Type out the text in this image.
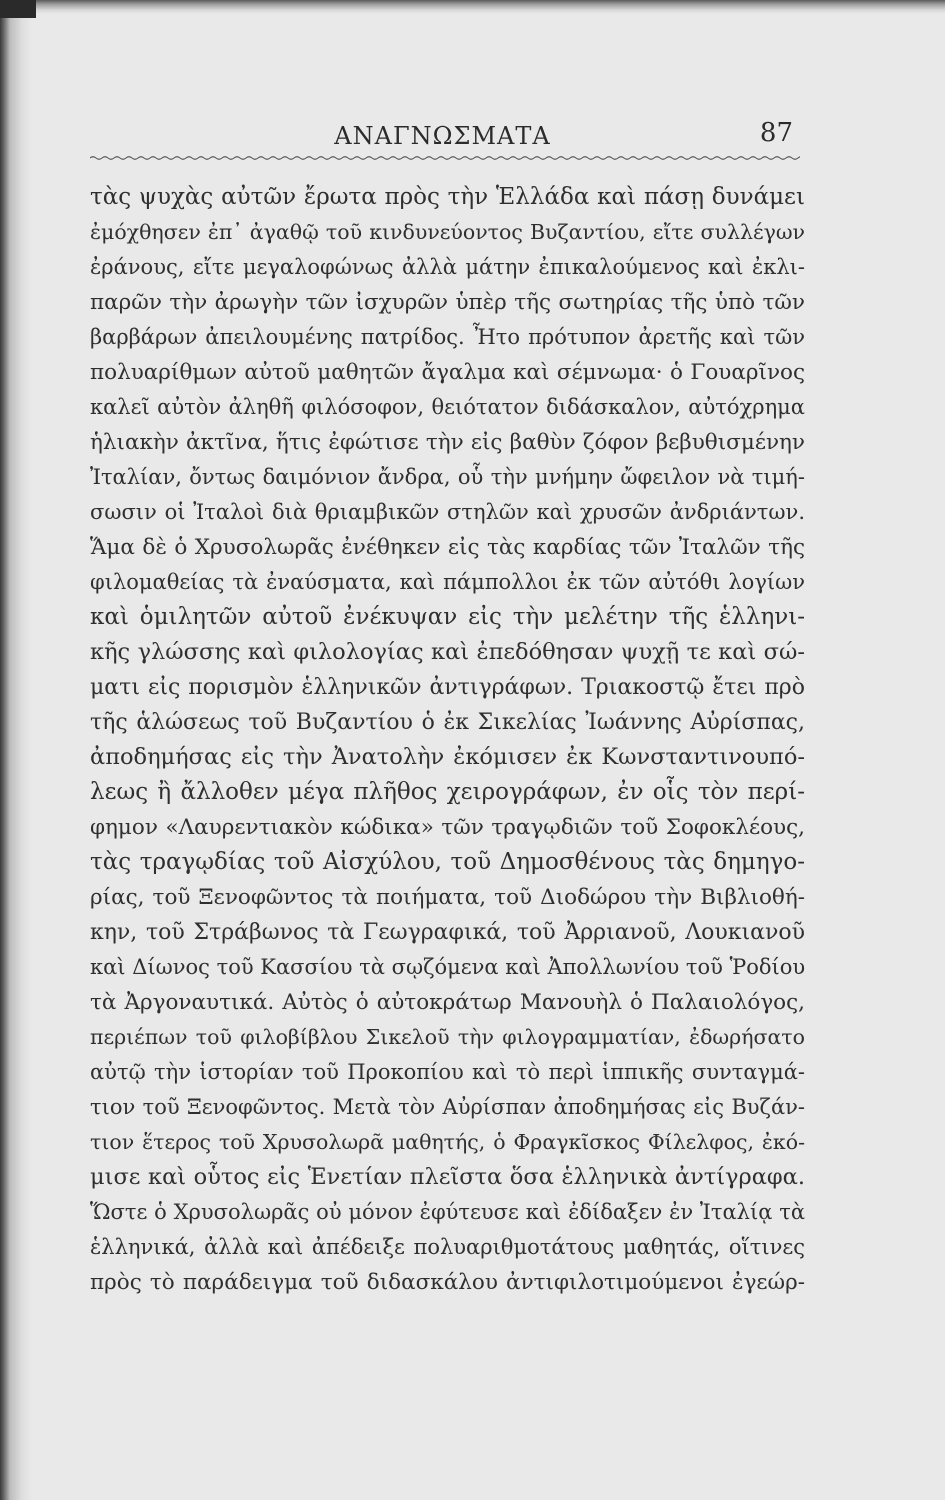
ΑΝΑΓΝΩΣΜΑΤΑ	87
τὰς ψυχὰς αὐτῶν ἔρωτα πρὸς τὴν Ἑλλάδα καὶ πάσῃ δυνάμει
ἐμόχθησεν ἐπ᾽ ἀγαθῷ τοῦ κινδυνεύοντος Βυζαντίου, εἴτε συλλέγων
ἐράνους, εἴτε μεγαλοφώνως ἀλλὰ μάτην ἐπικαλούμενος καὶ ἐκλι-
παρῶν τὴν ἀρωγὴν τῶν ἰσχυρῶν ὑπὲρ τῆς σωτηρίας τῆς ὑπὸ τῶν
βαρβάρων ἀπειλουμένης πατρίδος. Ἦτο πρότυπον ἀρετῆς καὶ τῶν
πολυαρίθμων αὐτοῦ μαθητῶν ἄγαλμα καὶ σέμνωμα· ὁ Γουαρῖνος
καλεῖ αὐτὸν ἀληθῆ φιλόσοφον, θειότατον διδάσκαλον, αὐτόχρημα
ἡλιακὴν ἀκτῖνα, ἥτις ἐφώτισε τὴν εἰς βαθὺν ζόφον βεβυθισμένην
Ἰταλίαν, ὄντως δαιμόνιον ἄνδρα, οὗ τὴν μνήμην ὤφειλον νὰ τιμή-
σωσιν οἱ Ἰταλοὶ διὰ θριαμβικῶν στηλῶν καὶ χρυσῶν ἀνδριάντων.
Ἅμα δὲ ὁ Χρυσολωρᾶς ἐνέθηκεν εἰς τὰς καρδίας τῶν Ἰταλῶν τῆς
φιλομαθείας τὰ ἐναύσματα, καὶ πάμπολλοι ἐκ τῶν αὐτόθι λογίων
καὶ ὁμιλητῶν αὐτοῦ ἐνέκυψαν εἰς τὴν μελέτην τῆς ἑλληνι-
κῆς γλώσσης καὶ φιλολογίας καὶ ἐπεδόθησαν ψυχῇ τε καὶ σώ-
ματι εἰς πορισμὸν ἑλληνικῶν ἀντιγράφων. Τριακοστῷ ἔτει πρὸ
τῆς ἁλώσεως τοῦ Βυζαντίου ὁ ἐκ Σικελίας Ἰωάννης Αὐρίσπας,
ἀποδημήσας εἰς τὴν Ἀνατολὴν ἐκόμισεν ἐκ Κωνσταντινουπό-
λεως ἢ ἄλλοθεν μέγα πλῆθος χειρογράφων, ἐν οἷς τὸν περί-
φημον «Λαυρεντιακὸν κώδικα» τῶν τραγῳδιῶν τοῦ Σοφοκλέους,
τὰς τραγῳδίας τοῦ Αἰσχύλου, τοῦ Δημοσθένους τὰς δημηγο-
ρίας, τοῦ Ξενοφῶντος τὰ ποιήματα, τοῦ Διοδώρου τὴν Βιβλιοθή-
κην, τοῦ Στράβωνος τὰ Γεωγραφικά, τοῦ Ἀρριανοῦ, Λουκιανοῦ
καὶ Δίωνος τοῦ Κασσίου τὰ σῳζόμενα καὶ Ἀπολλωνίου τοῦ Ῥοδίου
τὰ Ἀργοναυτικά. Αὐτὸς ὁ αὐτοκράτωρ Μανουὴλ ὁ Παλαιολόγος,
περιέπων τοῦ φιλοβίβλου Σικελοῦ τὴν φιλογραμματίαν, ἐδωρήσατο
αὐτῷ τὴν ἱστορίαν τοῦ Προκοπίου καὶ τὸ περὶ ἱππικῆς συνταγμά-
τιον τοῦ Ξενοφῶντος. Μετὰ τὸν Αὐρίσπαν ἀποδημήσας εἰς Βυζάν-
τιον ἕτερος τοῦ Χρυσολωρᾶ μαθητής, ὁ Φραγκῖσκος Φίλελφος, ἐκό-
μισε καὶ οὗτος εἰς Ἑνετίαν πλεῖστα ὅσα ἑλληνικὰ ἀντίγραφα.
Ὥστε ὁ Χρυσολωρᾶς οὐ μόνον ἐφύτευσε καὶ ἐδίδαξεν ἐν Ἰταλίᾳ τὰ
ἑλληνικά, ἀλλὰ καὶ ἀπέδειξε πολυαριθμοτάτους μαθητάς, οἵτινες
πρὸς τὸ παράδειγμα τοῦ διδασκάλου ἀντιφιλοτιμούμενοι ἐγεώρ-
